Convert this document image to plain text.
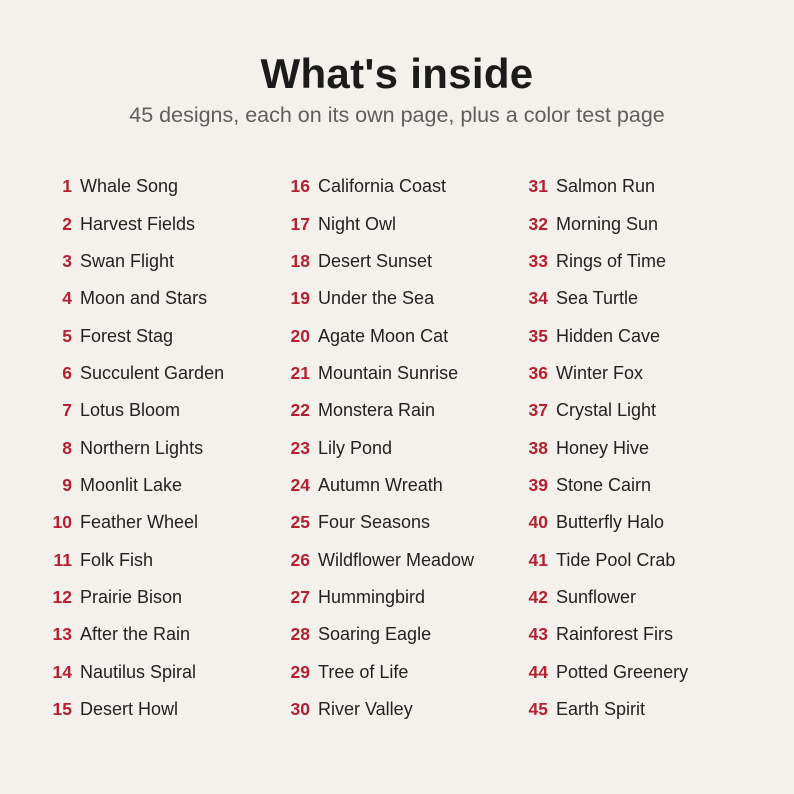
What's inside

45 designs, each on its own page, plus a color test page

1 Whale Song
2 Harvest Fields
3 Swan Flight
4 Moon and Stars
5 Forest Stag
6 Succulent Garden
7 Lotus Bloom
8 Northern Lights
9 Moonlit Lake
10 Feather Wheel
11 Folk Fish
12 Prairie Bison
13 After the Rain
14 Nautilus Spiral
15 Desert Howl
16 California Coast
17 Night Owl
18 Desert Sunset
19 Under the Sea
20 Agate Moon Cat
21 Mountain Sunrise
22 Monstera Rain
23 Lily Pond
24 Autumn Wreath
25 Four Seasons
26 Wildflower Meadow
27 Hummingbird
28 Soaring Eagle
29 Tree of Life
30 River Valley
31 Salmon Run
32 Morning Sun
33 Rings of Time
34 Sea Turtle
35 Hidden Cave
36 Winter Fox
37 Crystal Light
38 Honey Hive
39 Stone Cairn
40 Butterfly Halo
41 Tide Pool Crab
42 Sunflower
43 Rainforest Firs
44 Potted Greenery
45 Earth Spirit
